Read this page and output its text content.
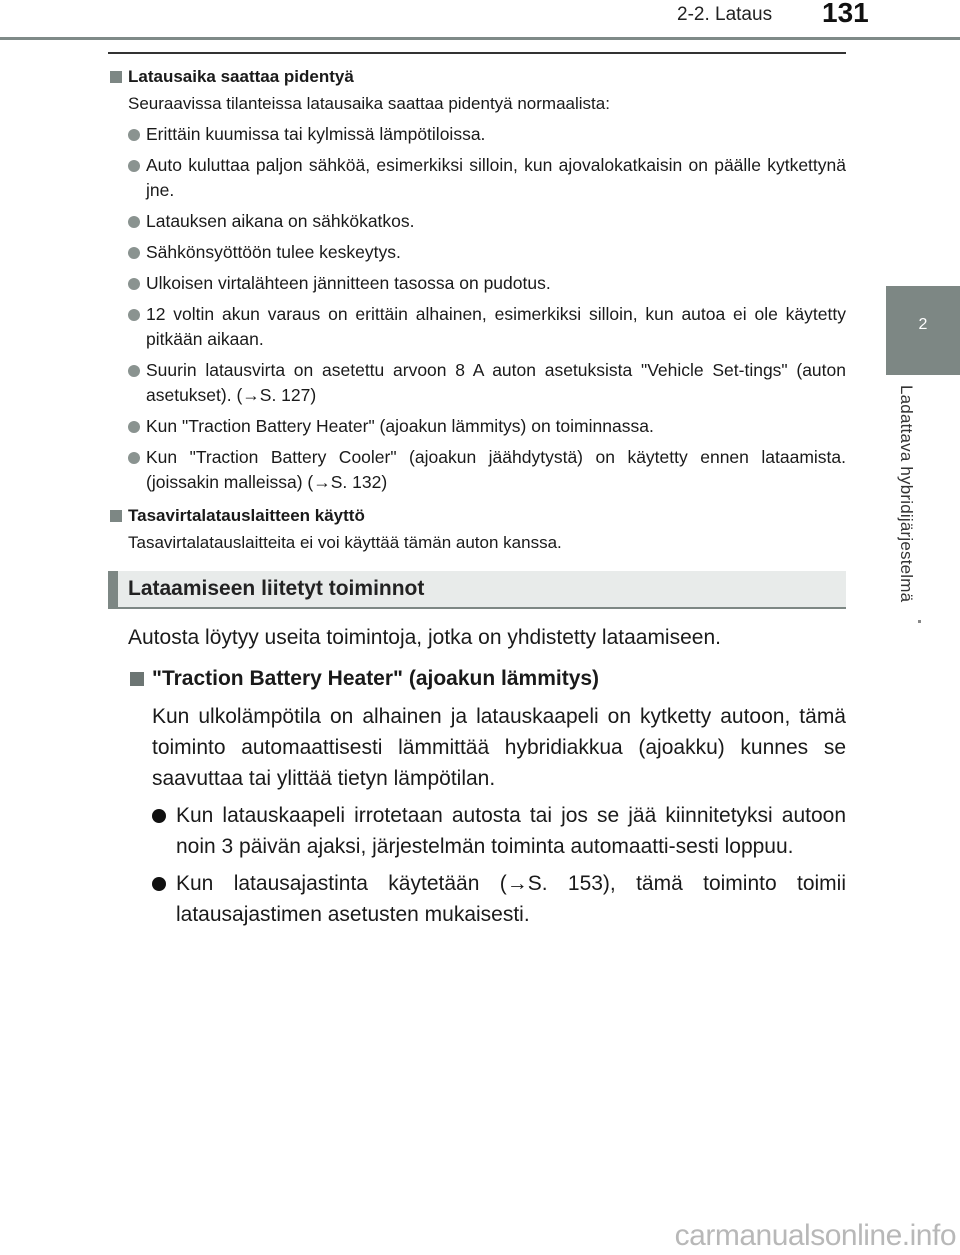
2-2. Lataus 131
2
Ladattava hybridijärjestelmä
Latausaika saattaa pidentyä
Seuraavissa tilanteissa latausaika saattaa pidentyä normaalista:
Erittäin kuumissa tai kylmissä lämpötiloissa.
Auto kuluttaa paljon sähköä, esimerkiksi silloin, kun ajovalokatkaisin on päälle kytkettynä jne.
Latauksen aikana on sähkökatkos.
Sähkönsyöttöön tulee keskeytys.
Ulkoisen virtalähteen jännitteen tasossa on pudotus.
12 voltin akun varaus on erittäin alhainen, esimerkiksi silloin, kun autoa ei ole käytetty pitkään aikaan.
Suurin latausvirta on asetettu arvoon 8 A auton asetuksista "Vehicle Set-tings" (auton asetukset). (→S. 127)
Kun "Traction Battery Heater" (ajoakun lämmitys) on toiminnassa.
Kun "Traction Battery Cooler" (ajoakun jäähdytystä) on käytetty ennen lataamista. (joissakin malleissa) (→S. 132)
Tasavirtalatauslaitteen käyttö
Tasavirtalatauslaitteita ei voi käyttää tämän auton kanssa.
Lataamiseen liitetyt toiminnot
Autosta löytyy useita toimintoja, jotka on yhdistetty lataamiseen.
"Traction Battery Heater" (ajoakun lämmitys)
Kun ulkolämpötila on alhainen ja latauskaapeli on kytketty autoon, tämä toiminto automaattisesti lämmittää hybridiakkua (ajoakku) kunnes se saavuttaa tai ylittää tietyn lämpötilan.
Kun latauskaapeli irrotetaan autosta tai jos se jää kiinnitetyksi autoon noin 3 päivän ajaksi, järjestelmän toiminta automaatti-sesti loppuu.
Kun latausajastinta käytetään (→S. 153), tämä toiminto toimii latausajastimen asetusten mukaisesti.
carmanualsonline.info
